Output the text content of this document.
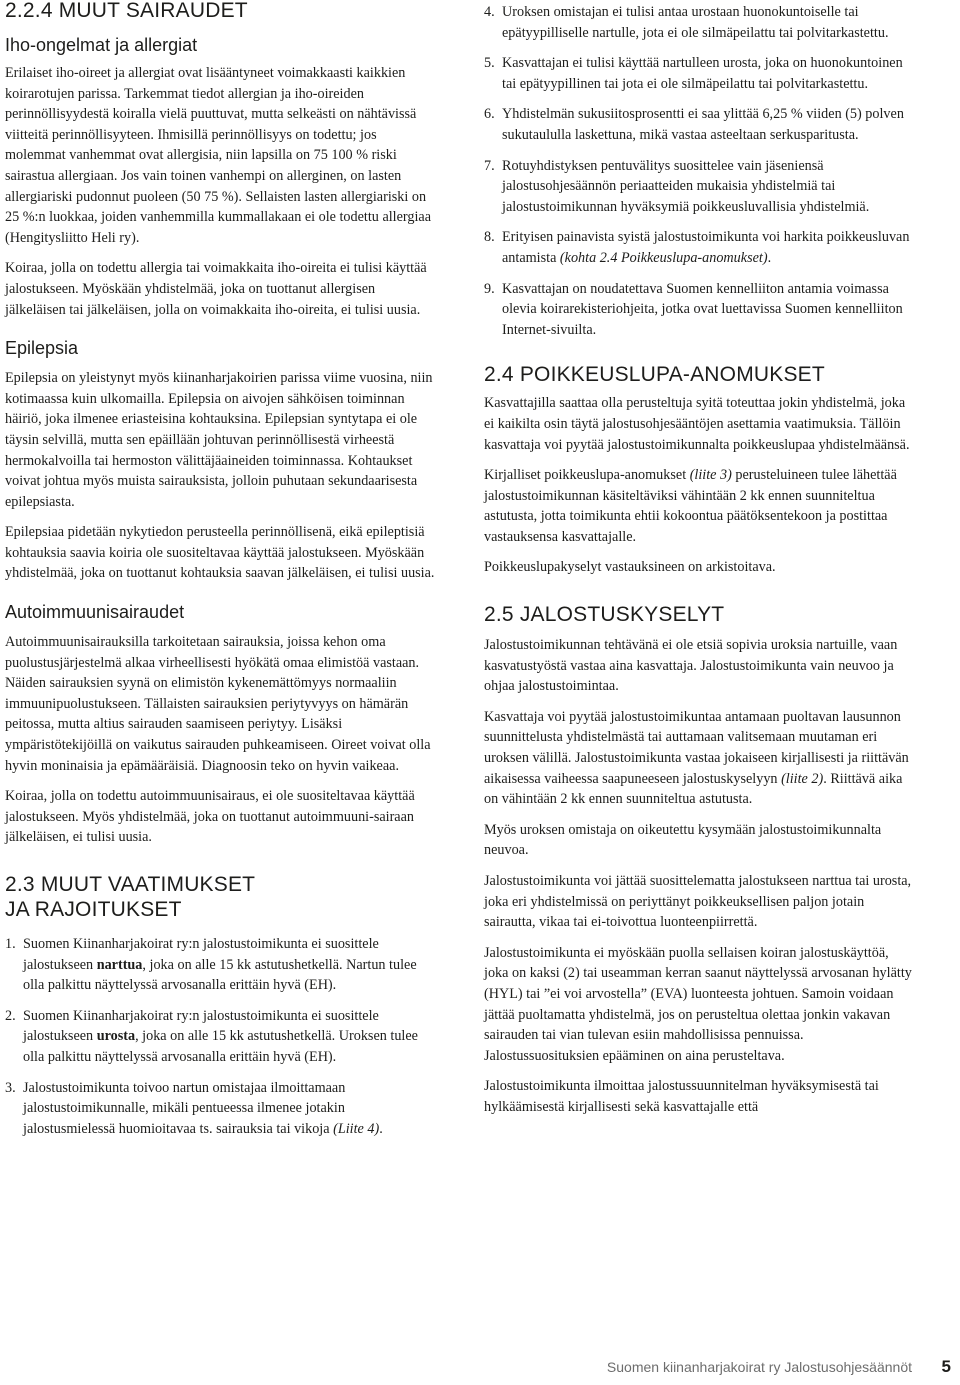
2.2.4 MUUT SAIRAUDET
Iho-ongelmat ja allergiat

Erilaiset iho-oireet ja allergiat ovat lisääntyneet voimakkaasti kaikkien koirarotujen parissa. Tarkemmat tiedot allergian ja iho-oireiden perinnöllisyydestä koiralla vielä puuttuvat, mutta selkeästi on nähtävissä viitteitä perinnöllisyyteen. Ihmisillä perinnöllisyys on todettu; jos molemmat vanhemmat ovat allergisia, niin lapsilla on 75 100 % riski sairastua allergiaan. Jos vain toinen vanhempi on allerginen, on lasten allergiariski pudonnut puoleen (50 75 %). Sellaisten lasten allergiariski on 25 %:n luokkaa, joiden vanhemmilla kummallakaan ei ole todettu allergiaa (Hengitysliitto Heli ry).

Koiraa, jolla on todettu allergia tai voimakkaita iho-oireita ei tulisi käyttää jalostukseen. Myöskään yhdistelmää, joka on tuottanut allergisen jälkeläisen tai jälkeläisen, jolla on voimakkaita iho-oireita, ei tulisi uusia.

Epilepsia

Epilepsia on yleistynyt myös kiinanharjakoirien parissa viime vuosina, niin kotimaassa kuin ulkomailla. Epilepsia on aivojen sähköisen toiminnan häiriö, joka ilmenee eriasteisina kohtauksina. Epilepsian syntytapa ei ole täysin selvillä, mutta sen epäillään johtuvan perinnöllisestä virheestä hermokalvoilla tai hermoston välittäjäaineiden toiminnassa. Kohtaukset voivat johtua myös muista sairauksista, jolloin puhutaan sekundaarisesta epilepsiasta.

Epilepsiaa pidetään nykytiedon perusteella perinnöllisenä, eikä epileptisiä kohtauksia saavia koiria ole suositeltavaa käyttää jalostukseen. Myöskään yhdistelmää, joka on tuottanut kohtauksia saavan jälkeläisen, ei tulisi uusia.

Autoimmuunisairaudet

Autoimmuunisairauksilla tarkoitetaan sairauksia, joissa kehon oma puolustusjärjestelmä alkaa virheellisesti hyökätä omaa elimistöä vastaan. Näiden sairauksien syynä on elimistön kykenemättömyys normaaliin immuunipuolustukseen. Tällaisten sairauksien periytyvyys on hämärän peitossa, mutta altius sairauden saamiseen periytyy. Lisäksi ympäristötekijöillä on vaikutus sairauden puhkeamiseen. Oireet voivat olla hyvin moninaisia ja epämääräisiä. Diagnoosin teko on hyvin vaikeaa.

Koiraa, jolla on todettu autoimmuunisairaus, ei ole suositeltavaa käyttää jalostukseen. Myös yhdistelmää, joka on tuottanut autoimmuuni-sairaan jälkeläisen, ei tulisi uusia.

2.3 MUUT VAATIMUKSET
JA RAJOITUKSET
1. Suomen Kiinanharjakoirat ry:n jalostustoimikunta ei suosittele jalostukseen narttua, joka on alle 15 kk astutushetkellä. Nartun tulee olla palkittu näyttelyssä arvosanalla erittäin hyvä (EH).
2. Suomen Kiinanharjakoirat ry:n jalostustoimikunta ei suosittele jalostukseen urosta, joka on alle 15 kk astutushetkellä. Uroksen tulee olla palkittu näyttelyssä arvosanalla erittäin hyvä (EH).
3. Jalostustoimikunta toivoo nartun omistajaa ilmoittamaan jalostustoimikunnalle, mikäli pentueessa ilmenee jotakin jalostusmielessä huomioitavaa ts. sairauksia tai vikoja (Liite 4).
4. Uroksen omistajan ei tulisi antaa urostaan huonokuntoiselle tai epätyypilliselle nartulle, jota ei ole silmäpeilattu tai polvitarkastettu.
5. Kasvattajan ei tulisi käyttää nartulleen urosta, joka on huonokuntoinen tai epätyypillinen tai jota ei ole silmäpeilattu tai polvitarkastettu.
6. Yhdistelmän sukusiitosprosentti ei saa ylittää 6,25 % viiden (5) polven sukutaululla laskettuna, mikä vastaa asteeltaan serkusparitusta.
7. Rotuyhdistyksen pentuvälitys suosittelee vain jäseniensä jalostusohjesäännön periaatteiden mukaisia yhdistelmiä tai jalostustoimikunnan hyväksymiä poikkeusluvallisia yhdistelmiä.
8. Erityisen painavista syistä jalostustoimikunta voi harkita poikkeusluvan antamista (kohta 2.4 Poikkeuslupa-anomukset).
9. Kasvattajan on noudatettava Suomen kennelliiton antamia voimassa olevia koirarekisteriohjeita, jotka ovat luettavissa Suomen kennelliiton Internet-sivuilta.
2.4 POIKKEUSLUPA-ANOMUKSET

Kasvattajilla saattaa olla perusteltuja syitä toteuttaa jokin yhdistelmä, joka ei kaikilta osin täytä jalostusohjesääntöjen asettamia vaatimuksia. Tällöin kasvattaja voi pyytää jalostustoimikunnalta poikkeuslupaa yhdistelmäänsä.

Kirjalliset poikkeuslupa-anomukset (liite 3) perusteluineen tulee lähettää jalostustoimikunnan käsiteltäviksi vähintään 2 kk ennen suunniteltua astutusta, jotta toimikunta ehtii kokoontua päätöksentekoon ja postittaa vastauksensa kasvattajalle.

Poikkeuslupakyselyt vastauksineen on arkistoitava.

2.5 JALOSTUSKYSELYT

Jalostustoimikunnan tehtävänä ei ole etsiä sopivia uroksia nartuille, vaan kasvatustyöstä vastaa aina kasvattaja. Jalostustoimikunta vain neuvoo ja ohjaa jalostustoimintaa.

Kasvattaja voi pyytää jalostustoimikuntaa antamaan puoltavan lausunnon suunnittelusta yhdistelmästä tai auttamaan valitsemaan muutaman eri uroksen välillä. Jalostustoimikunta vastaa jokaiseen kirjallisesti ja riittävän aikaisessa vaiheessa saapuneeseen jalostuskyselyyn (liite 2). Riittävä aika on vähintään 2 kk ennen suunniteltua astutusta.

Myös uroksen omistaja on oikeutettu kysymään jalostustoimikunnalta neuvoa.

Jalostustoimikunta voi jättää suosittelematta jalostukseen narttua tai urosta, joka eri yhdistelmissä on periyttänyt poikkeuksellisen paljon jotain sairautta, vikaa tai ei-toivottua luonteenpiirrettä.

Jalostustoimikunta ei myöskään puolla sellaisen koiran jalostuskäyttöä, joka on kaksi (2) tai useamman kerran saanut näyttelyssä arvosanan hylätty (HYL) tai ”ei voi arvostella” (EVA) luonteesta johtuen. Samoin voidaan jättää puoltamatta yhdistelmä, jos on perusteltua olettaa jonkin vakavan sairauden tai vian tulevan esiin mahdollisissa pennuissa. Jalostussuosituksien epääminen on aina perusteltava.

Jalostustoimikunta ilmoittaa jalostussuunnitelman hyväksymisestä tai hylkäämisestä kirjallisesti sekä kasvattajalle että

Suomen kiinanharjakoirat ry Jalostusohjesäännöt 5
